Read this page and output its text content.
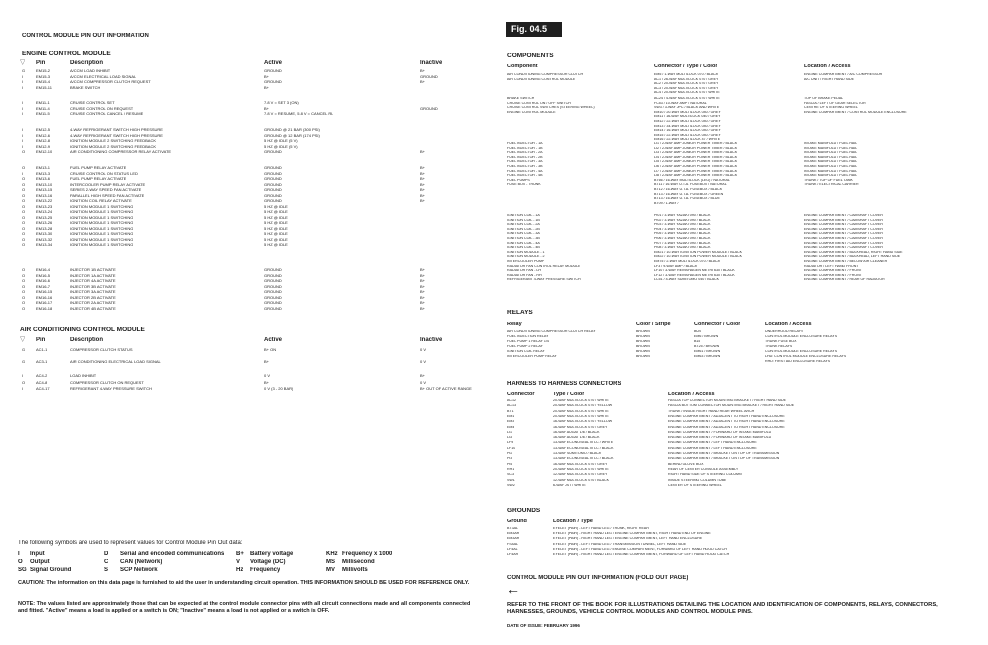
CONTROL MODULE PIN OUT INFORMATION
ENGINE CONTROL MODULE
▽ Pin	Description	Active	Inactive
G	EM15-2	A/CCM LOAD INHIBIT	GROUND	B+
I	EM15-3	A/CCM ELECTRICAL LOAD SIGNAL	B+	GROUND
I	EM15-4	A/CCM COMPRESSOR CLUTCH REQUEST	GROUND	B+
I	EM15-11	BRAKE SWITCH	B+
I	EM11-1	CRUISE CONTROL SET	7.8 V = SET 3 (ON)
I	EM11-4	CRUISE CONTROL ON REQUEST	B+	GROUND
I	EM11-5	CRUISE CONTROL CANCEL / RESUME	7.8 V = RESUME, 5.8 V = CANCEL RL
I	EM12-5	4-WAY REFRIGERANT SWITCH HIGH PRESSURE	GROUND @ 21 BAR (300 PSI)
I	EM12-6	4-WAY REFRIGERANT SWITCH HIGH PRESSURE	GROUND @ 12 BAR (174 PSI)
I	EM12-8	IGNITION MODULE 2 SWITCHING FEEDBACK	5 HZ @ IDLE (5 V)
I	EM12-9	IGNITION MODULE 2 SWITCHING FEEDBACK	5 HZ @ IDLE (5 V)
O	EM12-10	AIR CONDITIONING COMPRESSOR RELAY ACTIVATE	GROUND	B+
O	EM13-1	FUEL PUMP RELAY ACTIVATE	GROUND	B+
I	EM13-3	CRUISE CONTROL ON STATUS LED	GROUND	B+
O	EM13-6	FUEL PUMP RELAY ACTIVATE	GROUND	B+
O	EM13-10	INTERCOOLER PUMP RELAY ACTIVATE	GROUND	B+
O	EM13-15	SERIES 2-WAY SPEED FAN ACTIVATE	GROUND	B+
O	EM13-16	PARALLEL HIGH SPEED FAN ACTIVATE	GROUND	B+
O	EM13-22	IGNITION COIL RELAY ACTIVATE	GROUND	B+
O	EM13-23	IGNITION MODULE 1 SWITCHING	5 HZ @ IDLE
O	EM13-24	IGNITION MODULE 1 SWITCHING	5 HZ @ IDLE
O	EM13-25	IGNITION MODULE 1 SWITCHING	5 HZ @ IDLE
O	EM13-26	IGNITION MODULE 1 SWITCHING	5 HZ @ IDLE
O	EM13-28	IGNITION MODULE 1 SWITCHING	5 HZ @ IDLE
O	EM13-30	IGNITION MODULE 1 SWITCHING	5 HZ @ IDLE
O	EM13-32	IGNITION MODULE 1 SWITCHING	5 HZ @ IDLE
O	EM13-34	IGNITION MODULE 1 SWITCHING	5 HZ @ IDLE
O	EM16-4	INJECTOR 1B ACTIVATE	GROUND	B+
O	EM16-5	INJECTOR 1A ACTIVATE	GROUND	B+
O	EM16-6	INJECTOR 4A ACTIVATE	GROUND	B+
O	EM16-7	INJECTOR 3B ACTIVATE	GROUND	B+
O	EM16-15	INJECTOR 3A ACTIVATE	GROUND	B+
O	EM16-16	INJECTOR 2B ACTIVATE	GROUND	B+
O	EM16-17	INJECTOR 2A ACTIVATE	GROUND	B+
O	EM16-18	INJECTOR 4B ACTIVATE	GROUND	B+
AIR CONDITIONING CONTROL MODULE
▽ Pin	Description	Active	Inactive
G	AC1-1	COMPRESSOR CLUTCH STATUS	B+ ON	0 V
G	AC3-1	AIR CONDITIONING ELECTRICAL LOAD SIGNAL	B+	0 V
I	AC4-2	LOAD INHIBIT	0 V	B+
O	AC4-8	COMPRESSOR CLUTCH ON REQUEST	B+	0 V
I	AC4-17	REFRIGERANT 4-WAY PRESSURE SWITCH	0 V (3 - 20 BAR)	B+ OUT OF ACTIVE RANGE
The following symbols are used to represent values for Control Module Pin Out data:
I Input
O Output
SG Signal Ground
D Serial and encoded communications
C CAN (Network)
S SCP Network
B+ Battery voltage
V Voltage (DC)
Hz Frequency
KHz Frequency x 1000
MS Millisecond
MV Millivolts
CAUTION: The information on this data page is furnished to aid the user in understanding circuit operation. THIS INFORMATION SHOULD BE USED FOR REFERENCE ONLY.
NOTE: The values listed are approximately those that can be expected at the control module connector pins with all circuit connections made and all components connected and fitted. "Active" means a load is applied or a switch is ON; "Inactive" means a load is not applied or a switch is OFF.
Fig. 04.5
COMPONENTS
Component	Connector / Type / Color	Location / Access
AIR CONDITIONING COMPRESSOR CLUTCH	EM5 / 1-WAY MULTILOCK 070 / BLACK	ENGINE COMPARTMENT / A/C COMPRESSOR
AIR CONDITIONING CONTROL MODULE	AC1 / 26-WAY MULTILOCK 070 / GREY	A/C UNIT / RIGHT HAND SIDE
AC2 / 20-WAY MULTILOCK 070 / GREY
AC3 / 20-WAY MULTILOCK 070 / GREY
AC4 / 20-WAY MULTILOCK 070 / WHITE
BRAKE SWITCH	AC24 / 4-WAY MULTILOCK 070 / WHITE	TOP OF BRAKE PEDAL
CRUISE CONTROL ON / OFF SWITCH	FC53 / 10-WAY AMP / NATURAL	FASCIA / LEFT OF GEAR SELECTOR
CRUISE CONTROL SWITCHES (STEERING WHEEL)	SW3 / 3-WAY JPC / BLACK AND WHITE	CENTRE OF STEERING WHEEL
ENGINE CONTROL MODULE	EM10 / 20-WAY MULTILOCK 040 / GREY	ENGINE COMPARTMENT / CONTROL MODULE ENCLOSURE
EM11 / 16-WAY MULTILOCK 040 / GREY
EM12 / 22-WAY MULTILOCK 040 / GREY
EM13 / 34-WAY MULTILOCK 040 / GREY
EM14 / 16-WAY MULTILOCK 040 / GREY
EM15 / 22-WAY MULTILOCK 040 / GREY
EM16 / 22-WAY MULTILOCK 47 / WHITE
FUEL INJECTOR - 1A	LI1 / 2-WAY AMP JUNIOR POWER TIMER / BLACK	INTAKE MANIFOLD / FUEL RAIL
FUEL INJECTOR - 1B	LI2 / 2-WAY AMP JUNIOR POWER TIMER / BLACK	INTAKE MANIFOLD / FUEL RAIL
FUEL INJECTOR - 2A	LI3 / 2-WAY AMP JUNIOR POWER TIMER / BLACK	INTAKE MANIFOLD / FUEL RAIL
FUEL INJECTOR - 2B	LI4 / 2-WAY AMP JUNIOR POWER TIMER / BLACK	INTAKE MANIFOLD / FUEL RAIL
FUEL INJECTOR - 3A	LI5 / 2-WAY AMP JUNIOR POWER TIMER / BLACK	INTAKE MANIFOLD / FUEL RAIL
FUEL INJECTOR - 3B	LI6 / 2-WAY AMP JUNIOR POWER TIMER / BLACK	INTAKE MANIFOLD / FUEL RAIL
FUEL INJECTOR - 4A	LI7 / 2-WAY AMP JUNIOR POWER TIMER / BLACK	INTAKE MANIFOLD / FUEL RAIL
FUEL INJECTOR - 4B	LI8 / 2-WAY AMP JUNIOR POWER TIMER / BLACK	INTAKE MANIFOLD / FUEL RAIL
FUEL PUMPS	BT66 / 16-WAY MULTILOCK (LEG) / NATURAL	TRUNK / TOP OF FUEL TANK
FUSE BOX - TRUNK	BT11 / 16-WAY U.T.A. FUSEBOX / NATURAL	TRUNK / ELECTRICAL CARRIER
BT12 / 16-WAY U.T.A. FUSEBOX / BLACK
BT13 / 16-WAY U.T.A. FUSEBOX / GREEN
BT13 / 16-WAY U.T.A. FUSEBOX / BLUE
BT09 / 1-WAY /
IGNITION COIL - 1A	PI01 / 3-WAY YAZAKI 090 / BLACK	ENGINE COMPARTMENT / CAMSHAFT COVER
IGNITION COIL - 1B	PI02 / 3-WAY YAZAKI 090 / BLACK	ENGINE COMPARTMENT / CAMSHAFT COVER
IGNITION COIL - 2A	PI03 / 3-WAY YAZAKI 090 / BLACK	ENGINE COMPARTMENT / CAMSHAFT COVER
IGNITION COIL - 2B	PI04 / 3-WAY YAZAKI 090 / BLACK	ENGINE COMPARTMENT / CAMSHAFT COVER
IGNITION COIL - 3A	PI05 / 3-WAY YAZAKI 090 / BLACK	ENGINE COMPARTMENT / CAMSHAFT COVER
IGNITION COIL - 3B	PI06 / 3-WAY YAZAKI 090 / BLACK	ENGINE COMPARTMENT / CAMSHAFT COVER
IGNITION COIL - 4A	PI07 / 3-WAY YAZAKI 090 / BLACK	ENGINE COMPARTMENT / CAMSHAFT COVER
IGNITION COIL - 4B	PI08 / 3-WAY YAZAKI 090 / BLACK	ENGINE COMPARTMENT / CAMSHAFT COVER
IGNITION MODULE - 1	EM21 / 10-WAY IGNITION POWER MODULE / BLACK	ENGINE COMPARTMENT / BULKHEAD, RIGHT HAND SIDE
IGNITION MODULE - 2	EM22 / 10-WAY IGNITION POWER MODULE / BLACK	ENGINE COMPARTMENT / BULKHEAD, LEFT HAND SIDE
INTERCOOLER PUMP	EM75 / 2-WAY MULTILOCK 070 / BLACK	ENGINE COMPARTMENT / BELOW AIR CLEANER
RADIATOR FAN CONTROL RELAY MODULE	LF3 / 9-WAY AMP / BLACK	RADIATOR / LEFT HAND FRONT
RADIATOR FAN - LH	LF10 / 3-WAY REINSHAGEN METRI 630 / BLACK	ENGINE COMPARTMENT / FRONT
RADIATOR FAN - RH	LF12 / 3-WAY REINSHAGEN METRI 630 / BLACK	ENGINE COMPARTMENT / FRONT
REFRIGERANT 4-WAY PRESSURE SWITCH	LC51 / 4-WAY SUMITOMO 040 / BLACK	ENGINE COMPARTMENT / REAR OF RADIATOR
RELAYS
Relay	Color / Stripe	Connector / Color	Location / Access
AIR CONDITIONING COMPRESSOR CLUTCH RELAY	BROWN	BUS	UNDERHOOD RELAYS
FUEL INJECTION RELAY	BROWN	EM6 / BROWN	CONTROL MODULE ENCLOSURE RELAYS
FUEL PUMP 1 RELAY 1/4	BROWN	B15	TRUNK FUSE BOX
FUEL PUMP 2 RELAY	BROWN	BT25 / BROWN	TRUNK RELAYS
IGNITION COIL RELAY	BROWN	EM61 / BROWN	CONTROL MODULE ENCLOSURE RELAYS
INTERCOOLER PUMP RELAY	BROWN	EM63 / BROWN	LHD: CONTROL MODULE ENCLOSURE RELAYS
RHD: FIRST AID ENCLOSURE RELAYS
HARNESS TO HARNESS CONNECTORS
Connector	Type / Color	Location / Access
AC12	20-WAY MULTILOCK 070 / WHITE	FASCIA TOP CONNECTOR MOUNTING BRACKET / RIGHT HAND SIDE
AC13	20-WAY MULTILOCK 070 / YELLOW	FASCIA BOTTOM CONNECTOR MOUNTING BRACKET / RIGHT HAND SIDE
BT1	20-WAY MULTILOCK 070 / WHITE	TRUNK / INSIDE RIGHT HAND REAR WHEEL ARCH
EM1	20-WAY MULTILOCK 070 / WHITE	ENGINE COMPARTMENT / ADJACENT TO RIGHT HAND ENCLOSURE
EM3	16-WAY MULTILOCK 070 / YELLOW	ENGINE COMPARTMENT / ADJACENT TO RIGHT HAND ENCLOSURE
EM4	16-WAY MULTILOCK 070 / GREY	ENGINE COMPARTMENT / ADJACENT TO RIGHT HAND ENCLOSURE
LI1	16-WAY AUGAT 1/6 / BLACK	ENGINE COMPARTMENT / FORWARD OF INTAKE MANIFOLD
LI3	16-WAY AUGAT 1/6 / BLACK	ENGINE COMPARTMENT / FORWARD OF INTAKE MANIFOLD
LF9	13-WAY ECONOSEAL III LC / WHITE	ENGINE COMPARTMENT / LEFT HAND ENCLOSURE
LF10	13-WAY ECONOSEAL III LC / BLACK	ENGINE COMPARTMENT / LEFT HAND ENCLOSURE
PI2	13-WAY SUMITOMO / BLACK	ENGINE COMPARTMENT / BRACKET ON TOP OF TRANSMISSION
PI3	13-WAY ECONOSEAL III LC / BLACK	ENGINE COMPARTMENT / BRACKET ON TOP OF TRANSMISSION
PI5	16-WAY MULTILOCK 070 / GREY	BEHIND GLOVE BOX
RH1	20-WAY MULTILOCK 070 / WHITE	REAR OF CENTER CONSOLE ASSEMBLY
SC3	12-WAY MULTILOCK 070 / GREY	RIGHT HAND SIDE OF STEERING COLUMN
SW1	12-WAY MULTILOCK 070 / BLACK	INSIDE STEERING COLUMN TUBE
SW2	6-WAY JST / WHITE	CENTER OF STEERING WHEEL
GROUNDS
Ground	Location / Type
BT3AL	EYELET (PAIR) - LEFT HAND LEG / TRUNK, RIGHT REAR
EM3AR	EYELET (PAIR) - RIGHT HAND LEG / ENGINE COMPARTMENT, RIGHT HAND END OF ENGINE
EM3AR	EYELET (PAIR) - RIGHT HAND LEG / ENGINE COMPARTMENT, LEFT HAND ENCLOSURE
FS4AL	EYELET (PAIR) - LEFT HAND LEG / TRANSMISSION TUNNEL, LEFT HAND SIDE
LF4AL	EYELET (PAIR) - LEFT HAND LEG / ENGINE COMPARTMENT, FORWARD OF LEFT HAND HOOD CATCH
LF4AR	EYELET (PAIR) - RIGHT HAND LEG / ENGINE COMPARTMENT, FORWARD OF LEFT HAND HOOD CATCH
CONTROL MODULE PIN OUT INFORMATION (FOLD OUT PAGE)
←
REFER TO THE FRONT OF THE BOOK FOR ILLUSTRATIONS DETAILING THE LOCATION AND IDENTIFICATION OF COMPONENTS, RELAYS, CONNECTORS, HARNESSES, GROUNDS, VEHICLE CONTROL MODULES AND CONTROL MODULE PINS.
DATE OF ISSUE: FEBRUARY 1996
